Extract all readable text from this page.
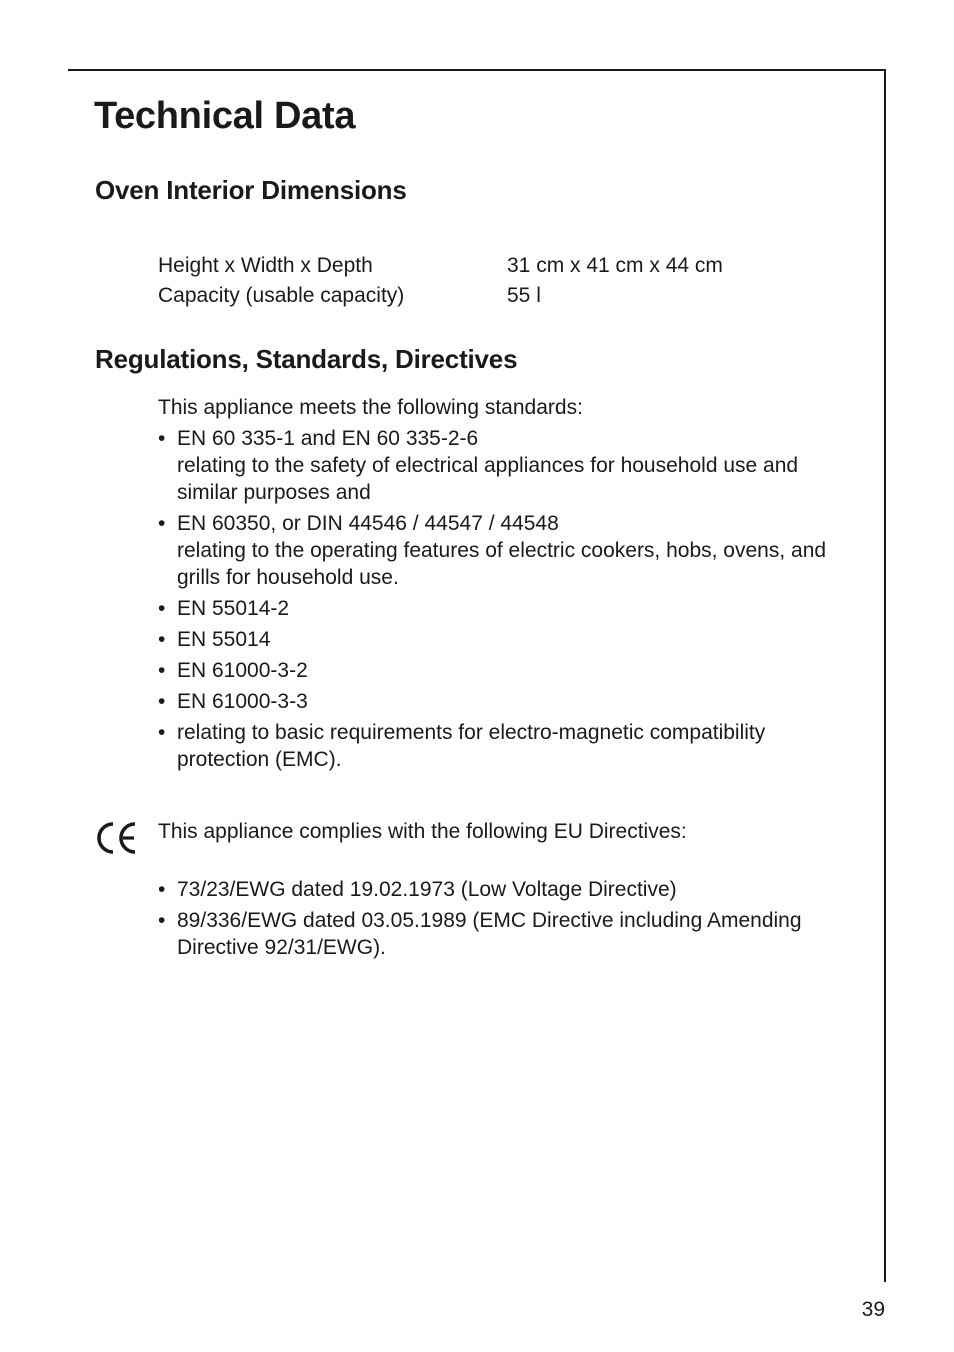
Technical Data
Oven Interior Dimensions
Height x Width x Depth	31 cm x 41 cm x 44 cm
Capacity (usable capacity)	55 l
Regulations, Standards, Directives

This appliance meets the following standards:

• EN 60 335-1 and EN 60 335-2-6
relating to the safety of electrical appliances for household use and similar purposes and
• EN 60350, or DIN 44546 / 44547 / 44548
relating to the operating features of electric cookers, hobs, ovens, and grills for household use.
• EN 55014-2
• EN 55014
• EN 61000-3-2
• EN 61000-3-3
• relating to basic requirements for electro-magnetic compatibility protection (EMC).

This appliance complies with the following EU Directives:

• 73/23/EWG dated 19.02.1973 (Low Voltage Directive)
• 89/336/EWG dated 03.05.1989 (EMC Directive including Amending Directive 92/31/EWG).
39
